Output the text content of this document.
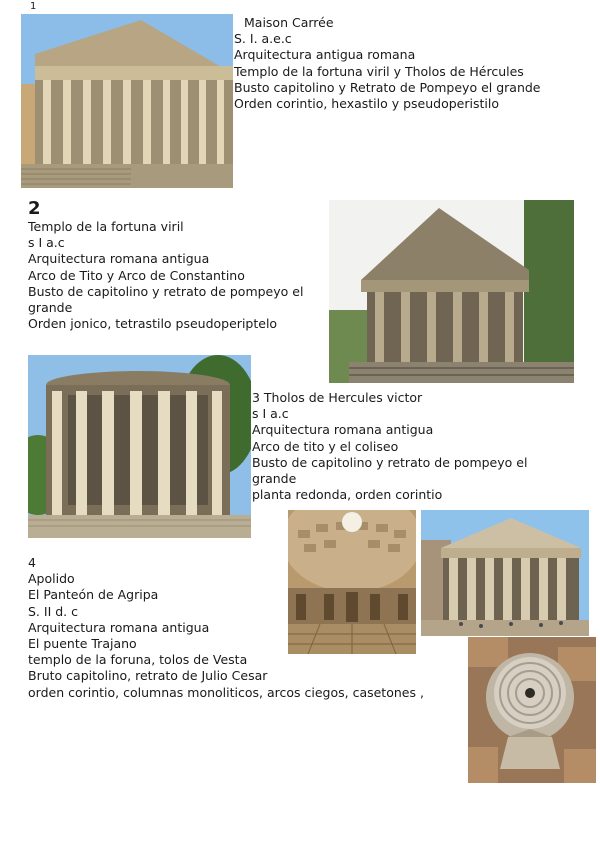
1
Maison Carrée
S. I. a.e.c
Arquitectura antigua romana
Templo de la fortuna viril y Tholos de Hércules
Busto capitolino y Retrato de Pompeyo el grande
Orden corintio, hexastilo y pseudoperistilo
2
Templo de la fortuna viril
s I a.c
Arquitectura romana antigua
Arco de Tito y Arco de Constantino
Busto de capitolino y retrato de pompeyo el
grande
Orden jonico, tetrastilo pseudoperiptelo
3 Tholos de Hercules victor
s I a.c
Arquitectura romana antigua
Arco de tito y el coliseo
Busto de capitolino y retrato de pompeyo el
grande
planta redonda, orden corintio
4
Apolido
El Panteón de Agripa
S. II d. c
Arquitectura romana antigua
El puente Trajano
templo de la foruna, tolos de Vesta
Bruto capitolino, retrato de Julio Cesar
orden corintio, columnas monoliticos, arcos ciegos, casetones ,
